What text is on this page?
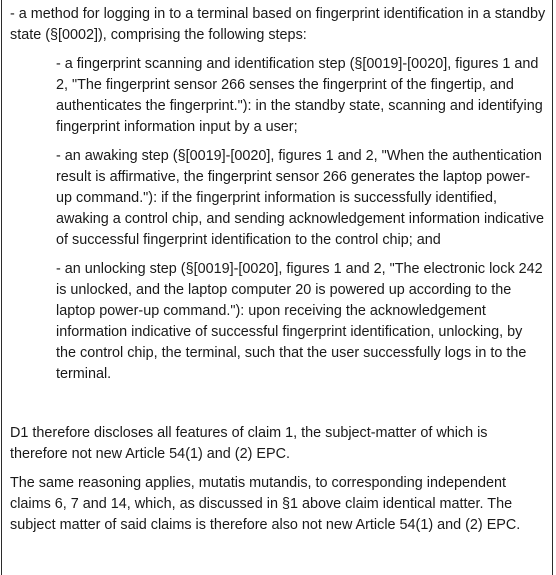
- a method for logging in to a terminal based on fingerprint identification in a standby state (§[0002]), comprising the following steps:

- a fingerprint scanning and identification step (§[0019]-[0020], figures 1 and 2, "The fingerprint sensor 266 senses the fingerprint of the fingertip, and authenticates the fingerprint."): in the standby state, scanning and identifying fingerprint information input by a user;

- an awaking step (§[0019]-[0020], figures 1 and 2, "When the authentication result is affirmative, the fingerprint sensor 266 generates the laptop power-up command."): if the fingerprint information is successfully identified, awaking a control chip, and sending acknowledgement information indicative of successful fingerprint identification to the control chip; and

- an unlocking step (§[0019]-[0020], figures 1 and 2, "The electronic lock 242 is unlocked, and the laptop computer 20 is powered up according to the laptop power-up command."): upon receiving the acknowledgement information indicative of successful fingerprint identification, unlocking, by the control chip, the terminal, such that the user successfully logs in to the terminal.

D1 therefore discloses all features of claim 1, the subject-matter of which is therefore not new Article 54(1) and (2) EPC.

The same reasoning applies, mutatis mutandis, to corresponding independent claims 6, 7 and 14, which, as discussed in §1 above claim identical matter. The subject matter of said claims is therefore also not new Article 54(1) and (2) EPC.
